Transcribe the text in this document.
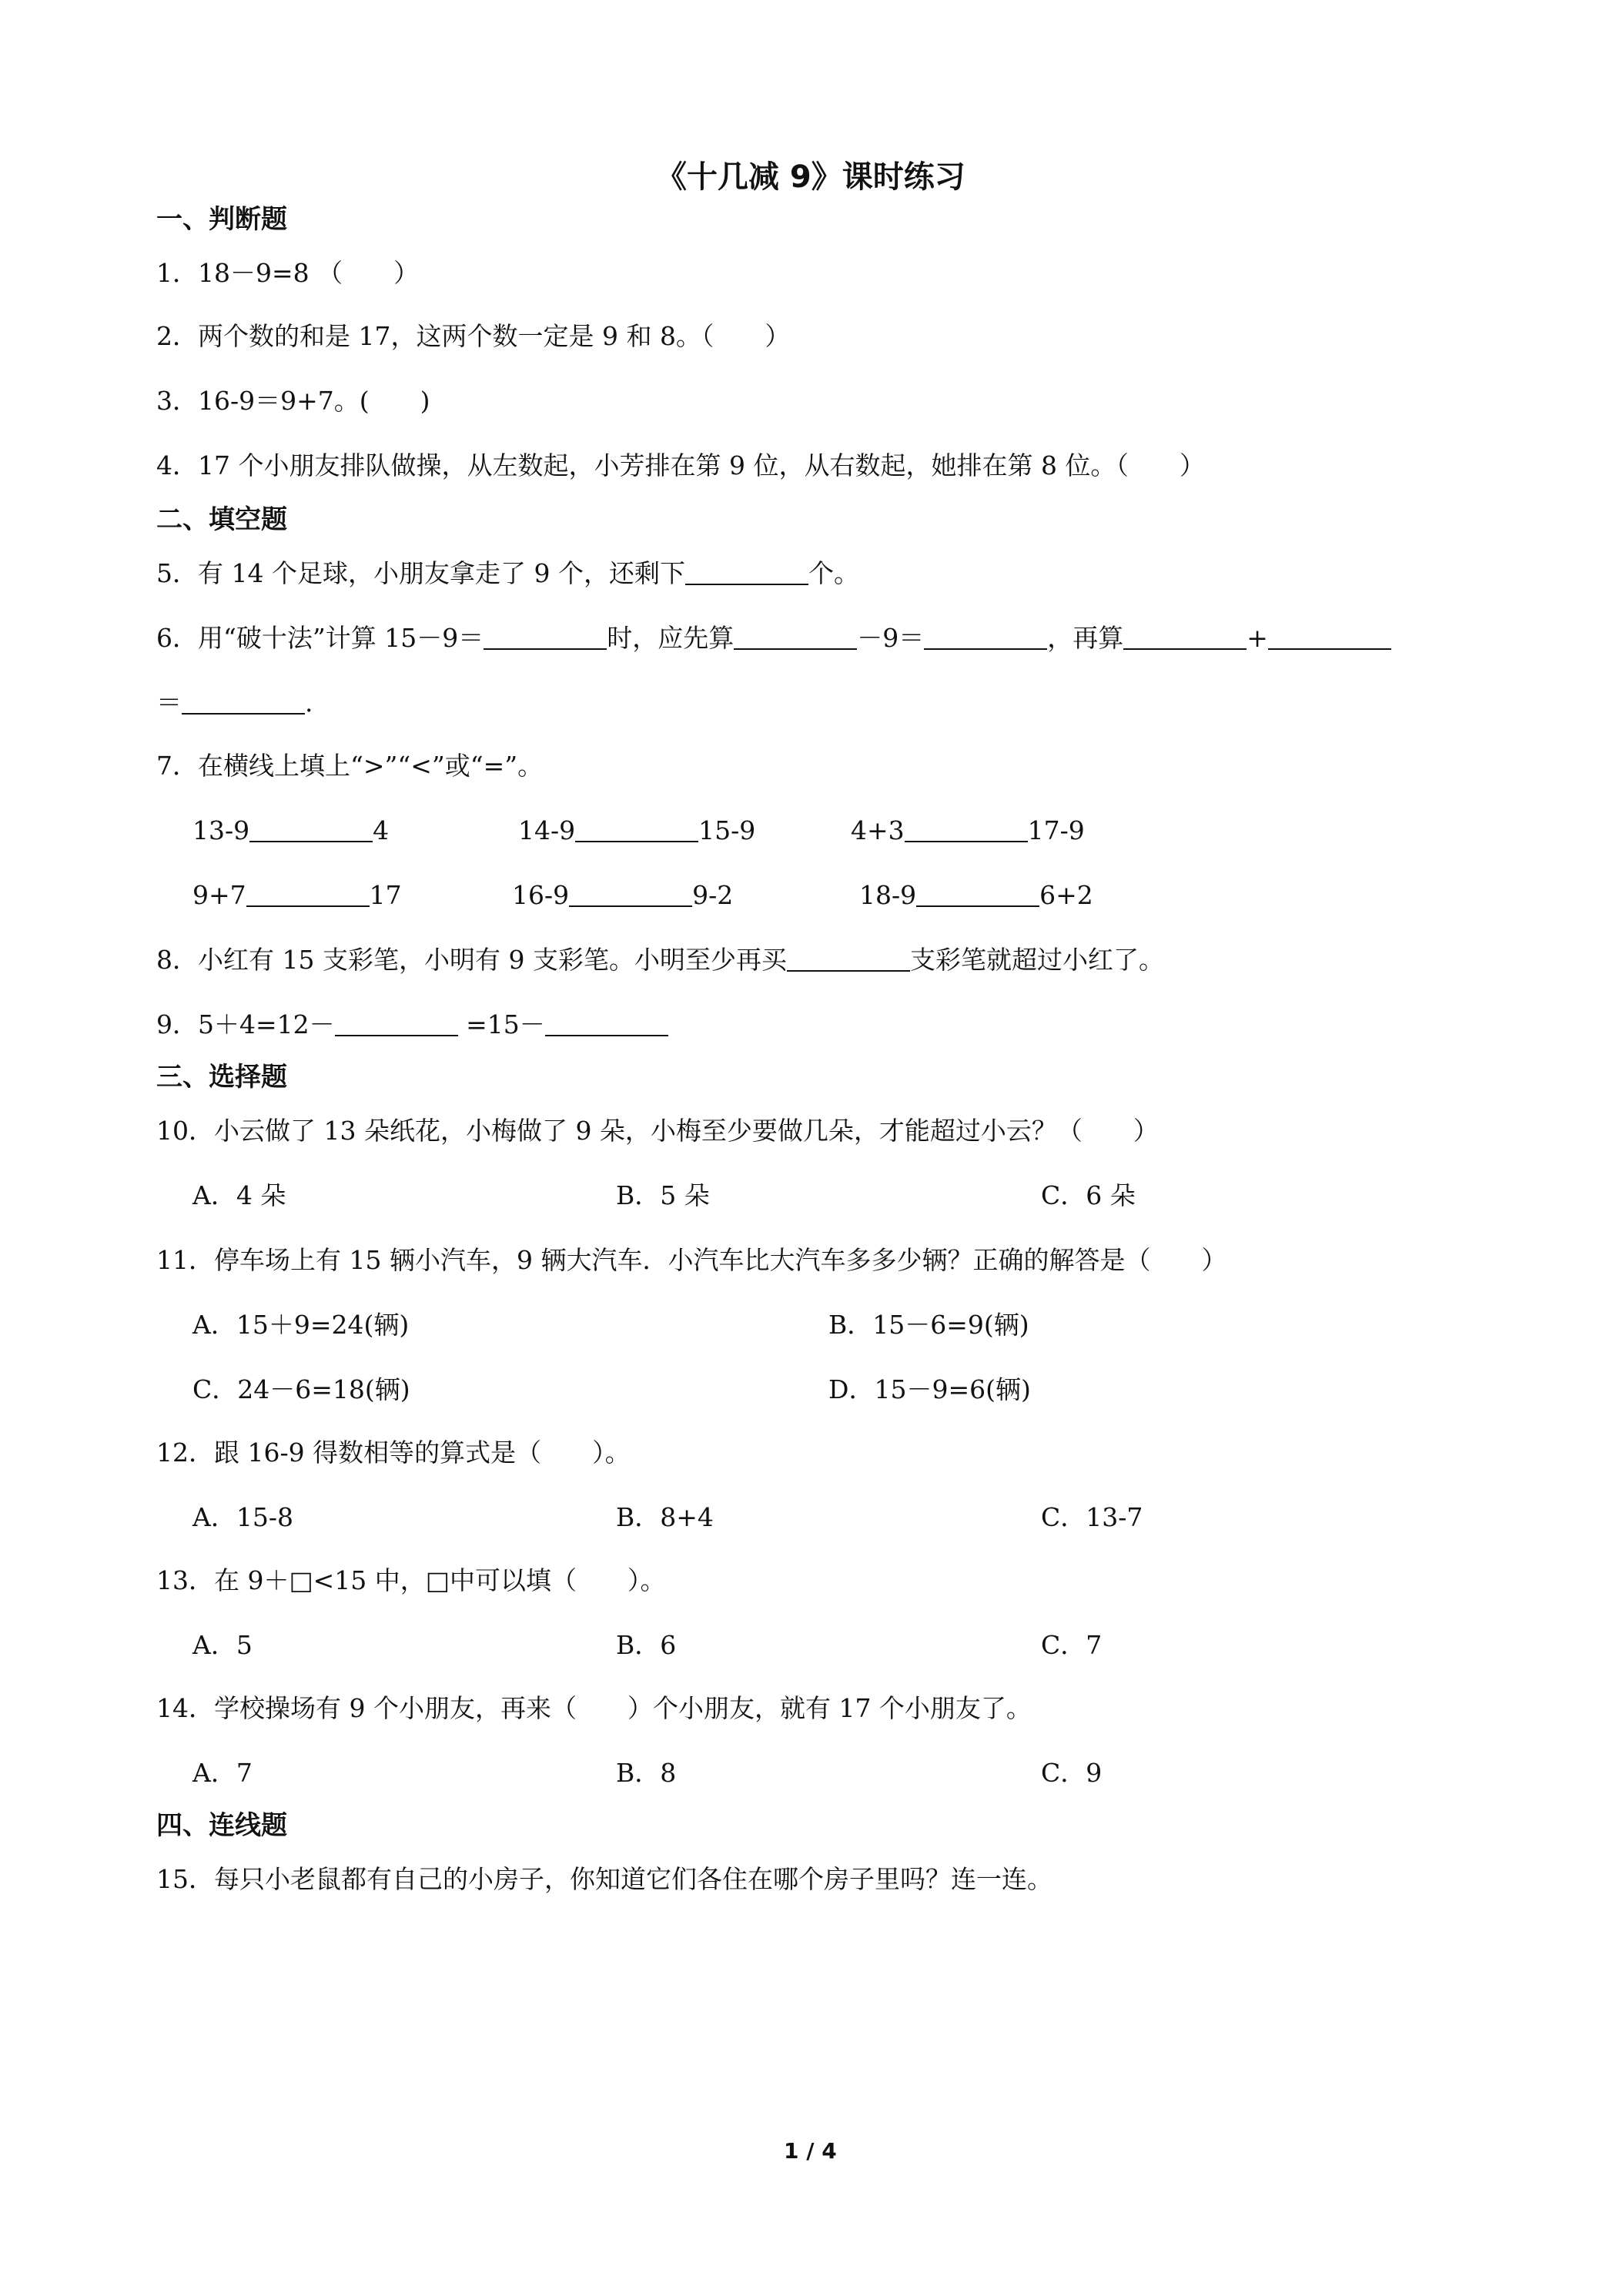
《十几减 9》课时练习
一、判断题
1．18－9=8 （　　）
2．两个数的和是 17，这两个数一定是 9 和 8。（　　）
3．16-9＝9+7。(　　)
4．17 个小朋友排队做操，从左数起，小芳排在第 9 位，从右数起，她排在第 8 位。（　　）
二、填空题
5．有 14 个足球，小朋友拿走了 9 个，还剩下	个。
6．用“破十法”计算 15－9＝	时，应先算	－9＝	，再算	+
＝	.
7．在横线上填上“>”“<”或“=”。
13-9	4	14-9	15-9	4+3	17-9
9+7	17	16-9	9-2	18-9	6+2
8．小红有 15 支彩笔，小明有 9 支彩笔。小明至少再买	支彩笔就超过小红了。
9．5＋4=12－	=15－
三、选择题
10．小云做了 13 朵纸花，小梅做了 9 朵，小梅至少要做几朵，才能超过小云？（　　）
A．4 朵	B．5 朵	C．6 朵
11．停车场上有 15 辆小汽车，9 辆大汽车．小汽车比大汽车多多少辆？正确的解答是（　　）
A．15＋9=24(辆)	B．15－6=9(辆)
C．24－6=18(辆)	D．15－9=6(辆)
12．跟 16-9 得数相等的算式是（　　）。
A．15-8	B．8+4	C．13-7
13．在 9＋□<15 中，□中可以填（　　）。
A．5	B．6	C．7
14．学校操场有 9 个小朋友，再来（　　）个小朋友，就有 17 个小朋友了。
A．7	B．8	C．9
四、连线题
15．每只小老鼠都有自己的小房子，你知道它们各住在哪个房子里吗？连一连。
1 / 4
